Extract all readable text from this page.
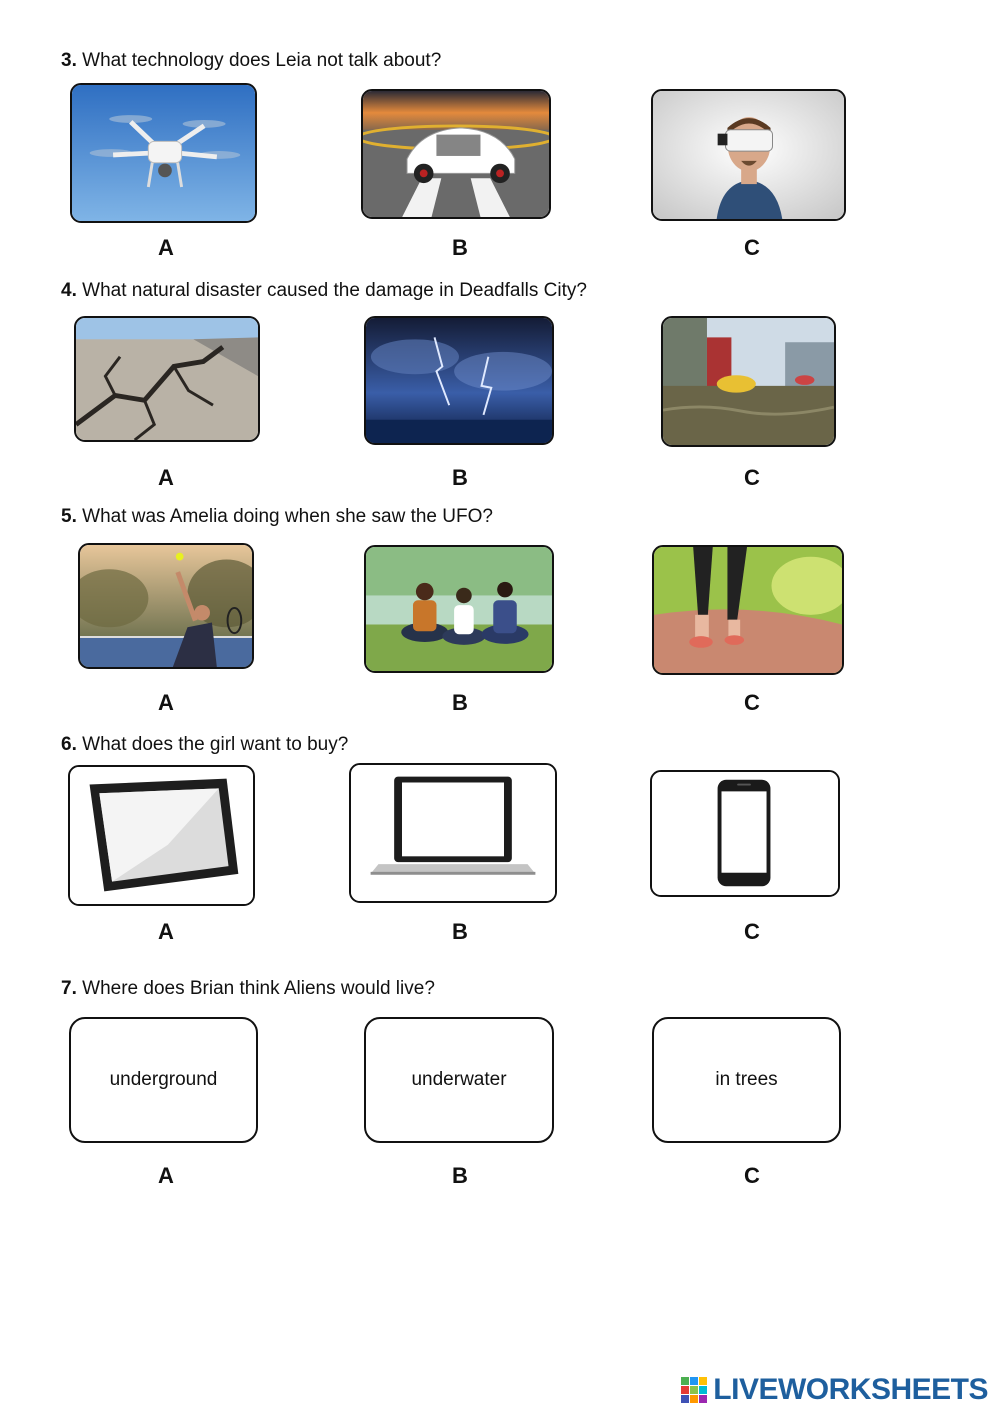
3. What technology does Leia not talk about?
A	B	C
4. What natural disaster caused the damage in Deadfalls City?
A	B	C
5. What was Amelia doing when she saw the UFO?
A	B	C
6. What does the girl want to buy?
A	B	C
7. Where does Brian think Aliens would live?
underground
A
underwater
B
in trees
C
LIVEWORKSHEETS
